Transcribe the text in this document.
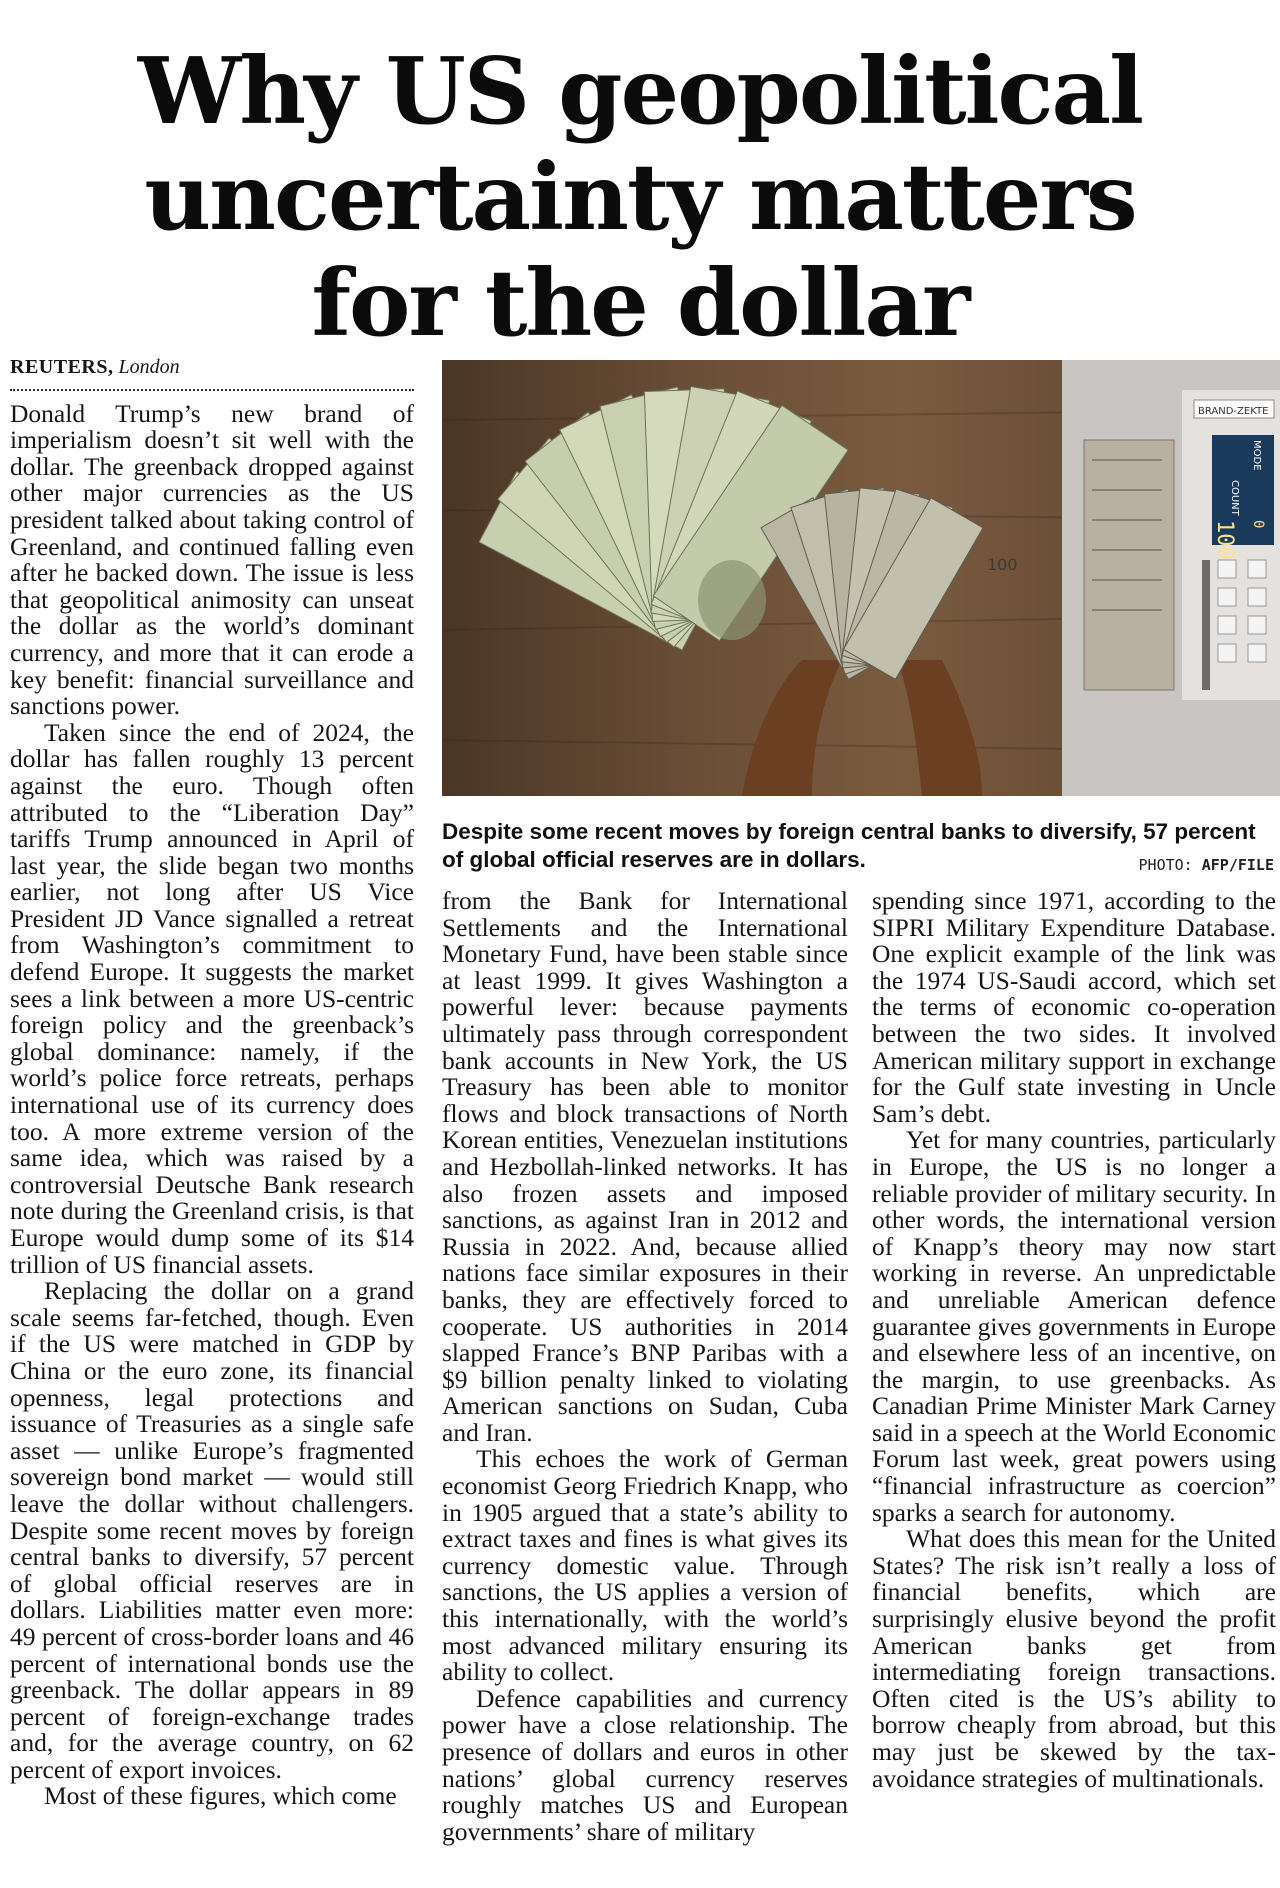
Why US geopolitical
uncertainty matters
for the dollar
REUTERS, London

Donald Trump’s new brand of imperialism doesn’t sit well with the dollar. The greenback dropped against other major currencies as the US president talked about taking control of Greenland, and continued falling even after he backed down. The issue is less that geopolitical animosity can unseat the dollar as the world’s dominant currency, and more that it can erode a key benefit: financial surveillance and sanctions power.

Taken since the end of 2024, the dollar has fallen roughly 13 percent against the euro. Though often attributed to the “Liberation Day” tariffs Trump announced in April of last year, the slide began two months earlier, not long after US Vice President JD Vance signalled a retreat from Washington’s commitment to defend Europe. It suggests the market sees a link between a more US-centric foreign policy and the greenback’s global dominance: namely, if the world’s police force retreats, perhaps international use of its currency does too. A more extreme version of the same idea, which was raised by a controversial Deutsche Bank research note during the Greenland crisis, is that Europe would dump some of its $14 trillion of US financial assets.

Replacing the dollar on a grand scale seems far-fetched, though. Even if the US were matched in GDP by China or the euro zone, its financial openness, legal protections and issuance of Treasuries as a single safe asset — unlike Europe’s fragmented sovereign bond market — would still leave the dollar without challengers. Despite some recent moves by foreign central banks to diversify, 57 percent of global official reserves are in dollars. Liabilities matter even more: 49 percent of cross-border loans and 46 percent of international bonds use the greenback. The dollar appears in 89 percent of foreign-exchange trades and, for the average country, on 62 percent of export invoices.

Most of these figures, which come

100
BRAND-ZEKTE
COUNT
MODE
100 0
Despite some recent moves by foreign central banks to diversify, 57 percent of global official reserves are in dollars.	PHOTO: AFP/FILE

from the Bank for International Settlements and the International Monetary Fund, have been stable since at least 1999. It gives Washington a powerful lever: because payments ultimately pass through correspondent bank accounts in New York, the US Treasury has been able to monitor flows and block transactions of North Korean entities, Venezuelan institutions and Hezbollah-linked networks. It has also frozen assets and imposed sanctions, as against Iran in 2012 and Russia in 2022. And, because allied nations face similar exposures in their banks, they are effectively forced to cooperate. US authorities in 2014 slapped France’s BNP Paribas with a $9 billion penalty linked to violating American sanctions on Sudan, Cuba and Iran.

This echoes the work of German economist Georg Friedrich Knapp, who in 1905 argued that a state’s ability to extract taxes and fines is what gives its currency domestic value. Through sanctions, the US applies a version of this internationally, with the world’s most advanced military ensuring its ability to collect.

Defence capabilities and currency power have a close relationship. The presence of dollars and euros in other nations’ global currency reserves roughly matches US and European governments’ share of military

spending since 1971, according to the SIPRI Military Expenditure Database. One explicit example of the link was the 1974 US-Saudi accord, which set the terms of economic co-operation between the two sides. It involved American military support in exchange for the Gulf state investing in Uncle Sam’s debt.

Yet for many countries, particularly in Europe, the US is no longer a reliable provider of military security. In other words, the international version of Knapp’s theory may now start working in reverse. An unpredictable and unreliable American defence guarantee gives governments in Europe and elsewhere less of an incentive, on the margin, to use greenbacks. As Canadian Prime Minister Mark Carney said in a speech at the World Economic Forum last week, great powers using “financial infrastructure as coercion” sparks a search for autonomy.

What does this mean for the United States? The risk isn’t really a loss of financial benefits, which are surprisingly elusive beyond the profit American banks get from intermediating foreign transactions. Often cited is the US’s ability to borrow cheaply from abroad, but this may just be skewed by the tax-avoidance strategies of multinationals.
